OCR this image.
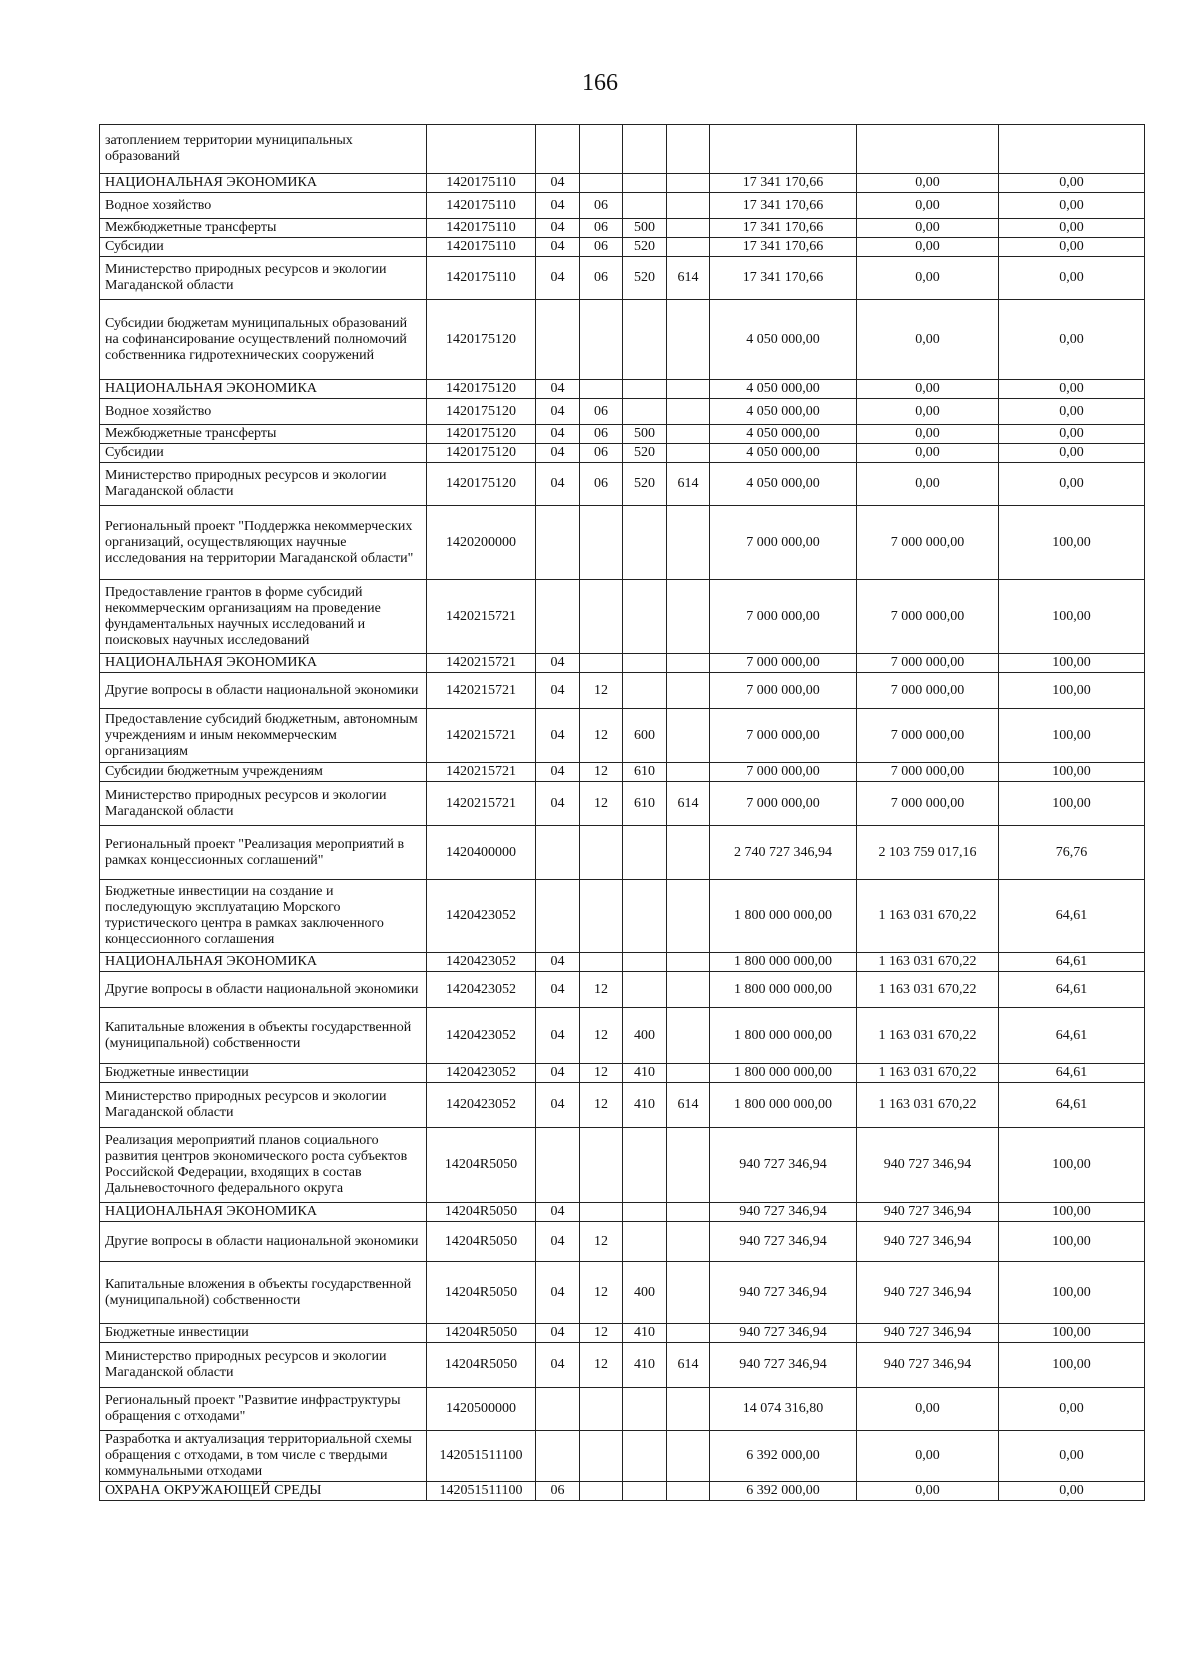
166
затоплением территории муниципальных образований								
НАЦИОНАЛЬНАЯ ЭКОНОМИКА	1420175110	04				17 341 170,66	0,00	0,00
Водное хозяйство	1420175110	04	06			17 341 170,66	0,00	0,00
Межбюджетные трансферты	1420175110	04	06	500		17 341 170,66	0,00	0,00
Субсидии	1420175110	04	06	520		17 341 170,66	0,00	0,00
Министерство природных ресурсов и экологии Магаданской области	1420175110	04	06	520	614	17 341 170,66	0,00	0,00
Субсидии бюджетам муниципальных образований на софинансирование осуществлений полномочий собственника гидротехнических сооружений	1420175120					4 050 000,00	0,00	0,00
НАЦИОНАЛЬНАЯ ЭКОНОМИКА	1420175120	04				4 050 000,00	0,00	0,00
Водное хозяйство	1420175120	04	06			4 050 000,00	0,00	0,00
Межбюджетные трансферты	1420175120	04	06	500		4 050 000,00	0,00	0,00
Субсидии	1420175120	04	06	520		4 050 000,00	0,00	0,00
Министерство природных ресурсов и экологии Магаданской области	1420175120	04	06	520	614	4 050 000,00	0,00	0,00
Региональный проект "Поддержка некоммерческих организаций, осуществляющих научные исследования на территории Магаданской области"	1420200000					7 000 000,00	7 000 000,00	100,00
Предоставление грантов в форме субсидий некоммерческим организациям на проведение фундаментальных научных исследований и поисковых научных исследований	1420215721					7 000 000,00	7 000 000,00	100,00
НАЦИОНАЛЬНАЯ ЭКОНОМИКА	1420215721	04				7 000 000,00	7 000 000,00	100,00
Другие вопросы в области национальной экономики	1420215721	04	12			7 000 000,00	7 000 000,00	100,00
Предоставление субсидий бюджетным, автономным учреждениям и иным некоммерческим организациям	1420215721	04	12	600		7 000 000,00	7 000 000,00	100,00
Субсидии бюджетным учреждениям	1420215721	04	12	610		7 000 000,00	7 000 000,00	100,00
Министерство природных ресурсов и экологии Магаданской области	1420215721	04	12	610	614	7 000 000,00	7 000 000,00	100,00
Региональный проект "Реализация мероприятий в рамках концессионных соглашений"	1420400000					2 740 727 346,94	2 103 759 017,16	76,76
Бюджетные инвестиции на создание и последующую эксплуатацию Морского туристического центра в рамках заключенного концессионного соглашения	1420423052					1 800 000 000,00	1 163 031 670,22	64,61
НАЦИОНАЛЬНАЯ ЭКОНОМИКА	1420423052	04				1 800 000 000,00	1 163 031 670,22	64,61
Другие вопросы в области национальной экономики	1420423052	04	12			1 800 000 000,00	1 163 031 670,22	64,61
Капитальные вложения в объекты государственной (муниципальной) собственности	1420423052	04	12	400		1 800 000 000,00	1 163 031 670,22	64,61
Бюджетные инвестиции	1420423052	04	12	410		1 800 000 000,00	1 163 031 670,22	64,61
Министерство природных ресурсов и экологии Магаданской области	1420423052	04	12	410	614	1 800 000 000,00	1 163 031 670,22	64,61
Реализация мероприятий планов социального развития центров экономического роста субъектов Российской Федерации, входящих в состав Дальневосточного федерального округа	14204R5050					940 727 346,94	940 727 346,94	100,00
НАЦИОНАЛЬНАЯ ЭКОНОМИКА	14204R5050	04				940 727 346,94	940 727 346,94	100,00
Другие вопросы в области национальной экономики	14204R5050	04	12			940 727 346,94	940 727 346,94	100,00
Капитальные вложения в объекты государственной (муниципальной) собственности	14204R5050	04	12	400		940 727 346,94	940 727 346,94	100,00
Бюджетные инвестиции	14204R5050	04	12	410		940 727 346,94	940 727 346,94	100,00
Министерство природных ресурсов и экологии Магаданской области	14204R5050	04	12	410	614	940 727 346,94	940 727 346,94	100,00
Региональный проект "Развитие инфраструктуры обращения с отходами"	1420500000					14 074 316,80	0,00	0,00
Разработка и актуализация территориальной схемы обращения с отходами, в том числе с твердыми коммунальными отходами	142051511100					6 392 000,00	0,00	0,00
ОХРАНА ОКРУЖАЮЩЕЙ СРЕДЫ	142051511100	06				6 392 000,00	0,00	0,00
